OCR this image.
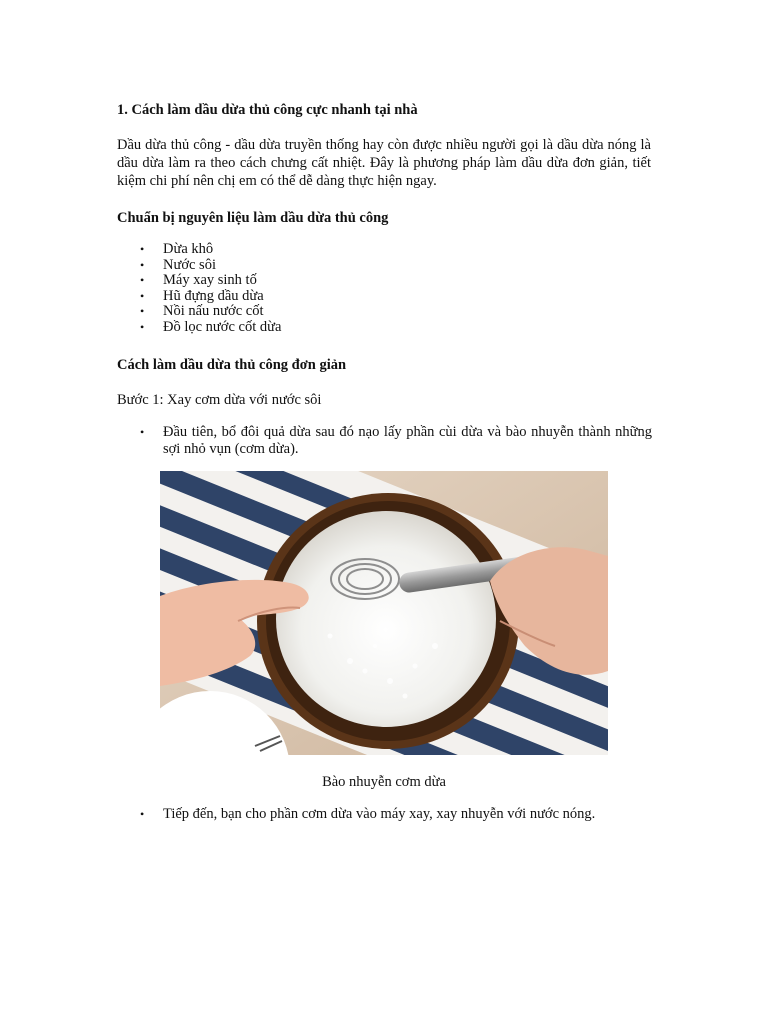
1. Cách làm dầu dừa thủ công cực nhanh tại nhà

Dầu dừa thủ công - dầu dừa truyền thống hay còn được nhiều người gọi là dầu dừa nóng là dầu dừa làm ra theo cách chưng cất nhiệt. Đây là phương pháp làm dầu dừa đơn giản, tiết kiệm chi phí nên chị em có thể dễ dàng thực hiện ngay.

Chuẩn bị nguyên liệu làm dầu dừa thủ công

• Dừa khô
• Nước sôi
• Máy xay sinh tố
• Hũ đựng dầu dừa
• Nồi nấu nước cốt
• Đồ lọc nước cốt dừa

Cách làm dầu dừa thủ công đơn giản

Bước 1: Xay cơm dừa với nước sôi

• Đầu tiên, bổ đôi quả dừa sau đó nạo lấy phần cùi dừa và bào nhuyễn thành những sợi nhỏ vụn (cơm dừa).
Bào nhuyễn cơm dừa
• Tiếp đến, bạn cho phần cơm dừa vào máy xay, xay nhuyễn với nước nóng.
